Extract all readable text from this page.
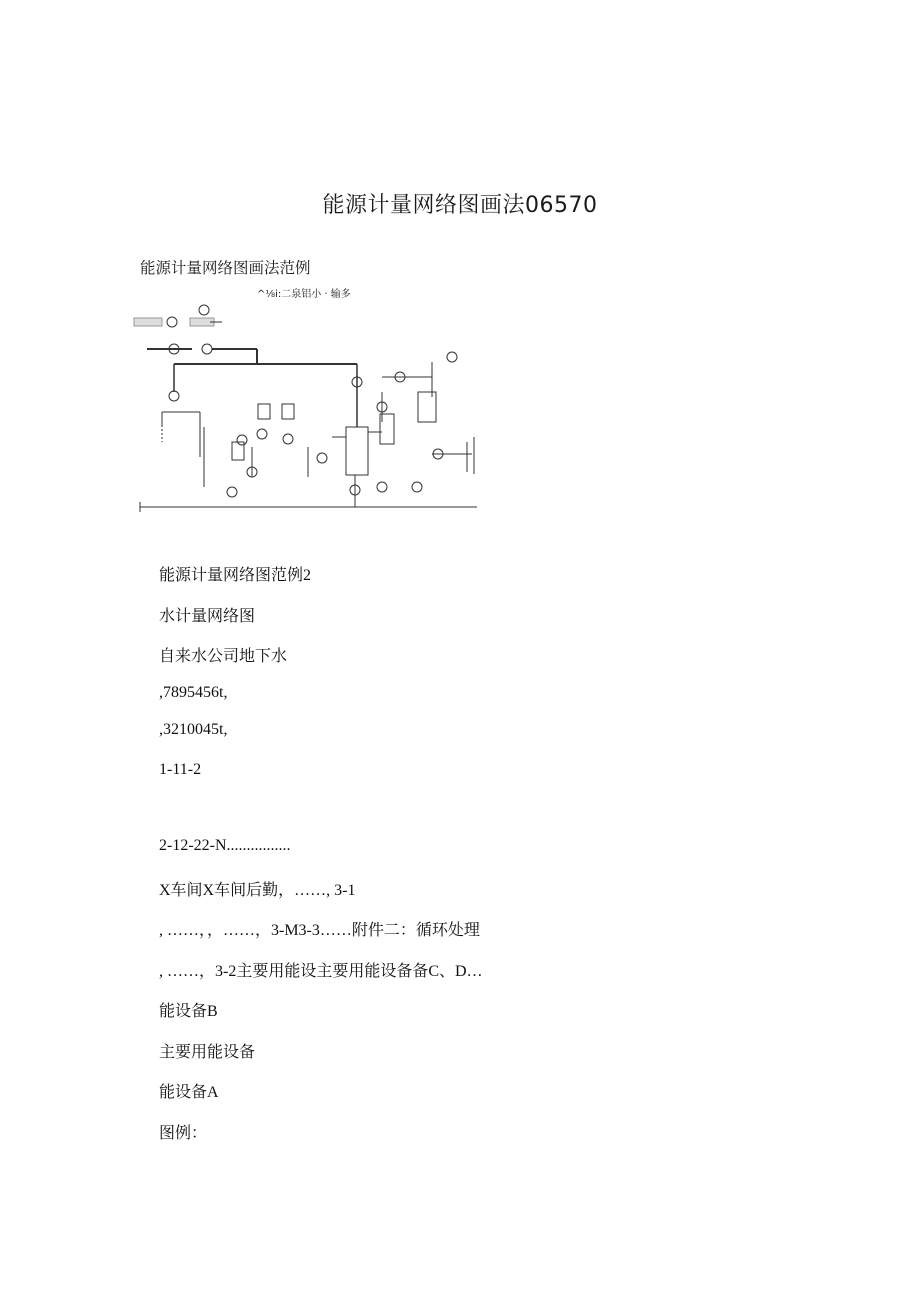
能源计量网络图画法06570
能源计量网络图画法范例
^⅛i:二泉铝小 · 输多
能源计量网络图范例2
水计量网络图
自来水公司地下水
,7895456t,
,3210045t,
1-11-2
2-12-22-N................
X车间X车间后勤，……, 3-1
, ……，，……，3-M3-3……附件二：循环处理
, ……，3-2主要用能设主要用能设备备C、D…
能设备B
主要用能设备
能设备A
图例：
